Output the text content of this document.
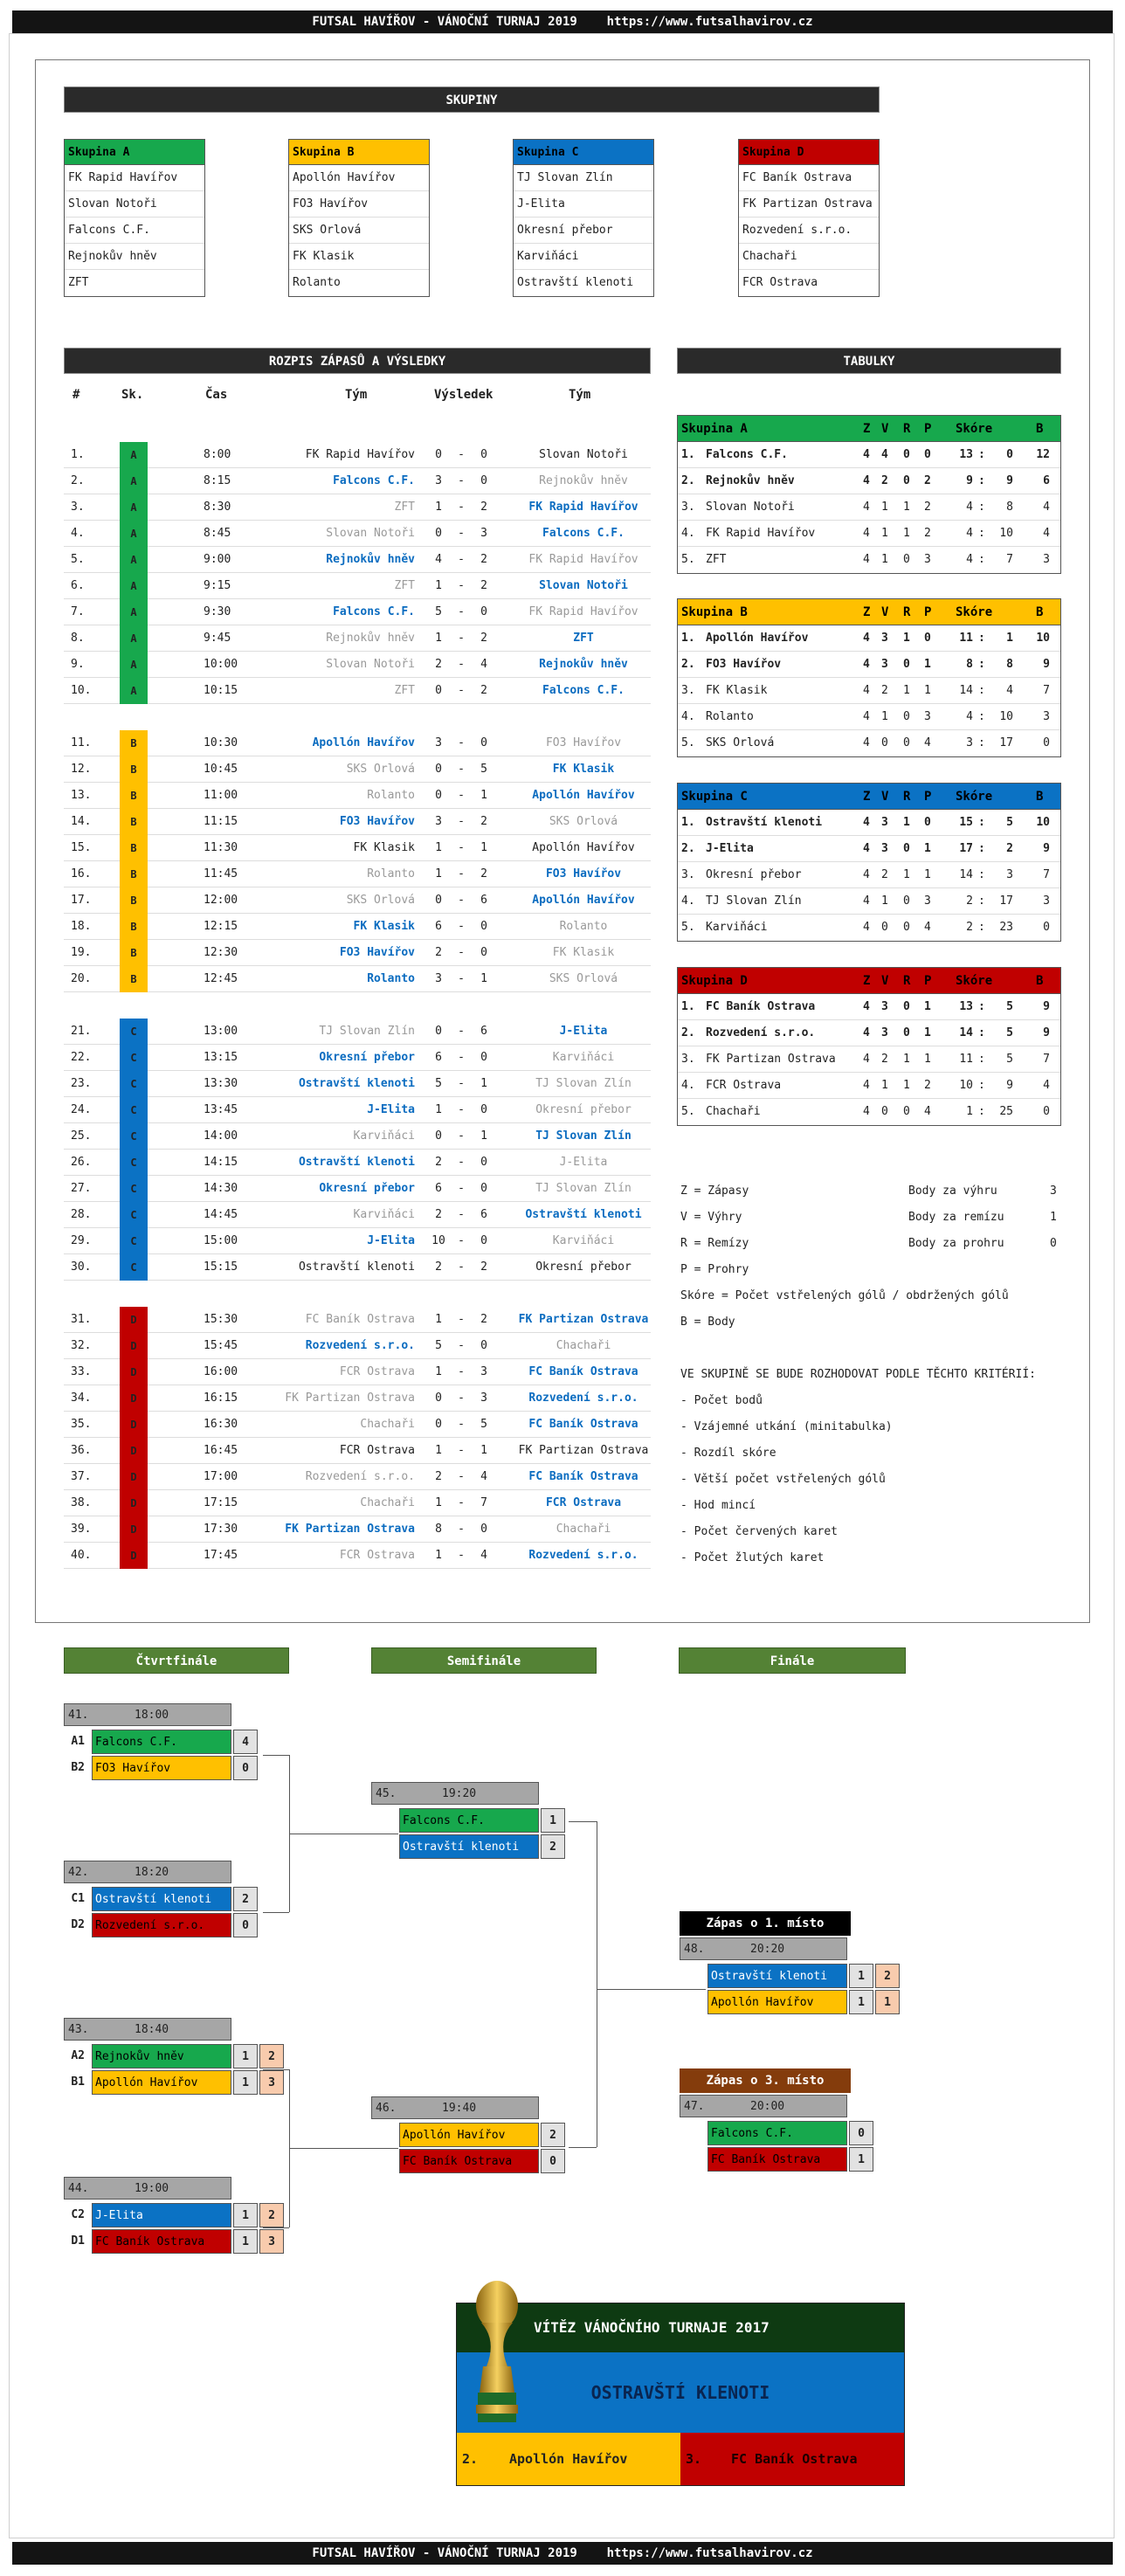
FUTSAL HAVÍŘOV - VÁNOČNÍ TURNAJ 2019    https://www.futsalhavirov.cz
SKUPINY
Skupina A
FK Rapid Havířov
Slovan Notoři
Falcons C.F.
Rejnokův hněv
ZFT
Skupina B
Apollón Havířov
FO3 Havířov
SKS Orlová
FK Klasik
Rolanto
Skupina C
TJ Slovan Zlín
J-Elita
Okresní přebor
Karviňáci
Ostravští klenoti
Skupina D
FC Baník Ostrava
FK Partizan Ostrava
Rozvedení s.r.o.
Chachaři
FCR Ostrava
ROZPIS ZÁPASŮ A VÝSLEDKY	TABULKY
#	Sk.	Čas	Tým	Výsledek	Tým
1.	A	8:00	FK Rapid Havířov	0	-	0	Slovan Notoři
2.	A	8:15	Falcons C.F.	3	-	0	Rejnokův hněv
3.	A	8:30	ZFT	1	-	2	FK Rapid Havířov
4.	A	8:45	Slovan Notoři	0	-	3	Falcons C.F.
5.	A	9:00	Rejnokův hněv	4	-	2	FK Rapid Havířov
6.	A	9:15	ZFT	1	-	2	Slovan Notoři
7.	A	9:30	Falcons C.F.	5	-	0	FK Rapid Havířov
8.	A	9:45	Rejnokův hněv	1	-	2	ZFT
9.	A	10:00	Slovan Notoři	2	-	4	Rejnokův hněv
10.	A	10:15	ZFT	0	-	2	Falcons C.F.
11.	B	10:30	Apollón Havířov	3	-	0	FO3 Havířov
12.	B	10:45	SKS Orlová	0	-	5	FK Klasik
13.	B	11:00	Rolanto	0	-	1	Apollón Havířov
14.	B	11:15	FO3 Havířov	3	-	2	SKS Orlová
15.	B	11:30	FK Klasik	1	-	1	Apollón Havířov
16.	B	11:45	Rolanto	1	-	2	FO3 Havířov
17.	B	12:00	SKS Orlová	0	-	6	Apollón Havířov
18.	B	12:15	FK Klasik	6	-	0	Rolanto
19.	B	12:30	FO3 Havířov	2	-	0	FK Klasik
20.	B	12:45	Rolanto	3	-	1	SKS Orlová
21.	C	13:00	TJ Slovan Zlín	0	-	6	J-Elita
22.	C	13:15	Okresní přebor	6	-	0	Karviňáci
23.	C	13:30	Ostravští klenoti	5	-	1	TJ Slovan Zlín
24.	C	13:45	J-Elita	1	-	0	Okresní přebor
25.	C	14:00	Karviňáci	0	-	1	TJ Slovan Zlín
26.	C	14:15	Ostravští klenoti	2	-	0	J-Elita
27.	C	14:30	Okresní přebor	6	-	0	TJ Slovan Zlín
28.	C	14:45	Karviňáci	2	-	6	Ostravští klenoti
29.	C	15:00	J-Elita 10	-	0	Karviňáci
30.	C	15:15	Ostravští klenoti	2	-	2	Okresní přebor
31.	D	15:30	FC Baník Ostrava	1	-	2	FK Partizan Ostrava
32.	D	15:45	Rozvedení s.r.o.	5	-	0	Chachaři
33.	D	16:00	FCR Ostrava	1	-	3	FC Baník Ostrava
34.	D	16:15	FK Partizan Ostrava	0	-	3	Rozvedení s.r.o.
35.	D	16:30	Chachaři	0	-	5	FC Baník Ostrava
36.	D	16:45	FCR Ostrava	1	-	1	FK Partizan Ostrava
37.	D	17:00	Rozvedení s.r.o.	2	-	4	FC Baník Ostrava
38.	D	17:15	Chachaři	1	-	7	FCR Ostrava
39.	D	17:30	FK Partizan Ostrava	8	-	0	Chachaři
40.	D	17:45	FCR Ostrava	1	-	4	Rozvedení s.r.o.
Skupina A	Z V R P	B
Skóre
1. Falcons C.F.	4 4 0 0	13 :	0	12
2. Rejnokův hněv	4 2 0 2	9 :	9	6
3. Slovan Notoři	4 1 1 2	4 :	8	4
4. FK Rapid Havířov	4 1 1 2	4 :	10	4
5. ZFT	4 1 0 3	4 :	7	3
Skupina B	Z V R P	B
Skóre
1. Apollón Havířov	4 3 1 0	11 :	1	10
2. FO3 Havířov	4 3 0 1	8 :	8	9
3. FK Klasik	4 2 1 1	14 :	4	7
4. Rolanto	4 1 0 3	4 :	10	3
5. SKS Orlová	4 0 0 4	3 :	17	0
Skupina C	Z V R P	B
Skóre
1. Ostravští klenoti	4 3 1 0	15 :	5	10
2. J-Elita	4 3 0 1	17 :	2	9
3. Okresní přebor	4 2 1 1	14 :	3	7
4. TJ Slovan Zlín	4 1 0 3	2 :	17	3
5. Karviňáci	4 0 0 4	2 :	23	0
Skupina D	Z V R P	B
Skóre
1. FC Baník Ostrava	4 3 0 1	13 :	5	9
2. Rozvedení s.r.o.	4 3 0 1	14 :	5	9
3. FK Partizan Ostrava 4 2 1 1	11 :	5	7
4. FCR Ostrava	4 1 1 2	10 :	9	4
5. Chachaři	4 0 0 4	1 :	25	0
Z = Zápasy
V = Výhry
R = Remízy
P = Prohry
Skóre = Počet vstřelených gólů / obdržených gólů
B = Body
Body za výhru	3
Body za remízu	1
Body za prohru	0
VE SKUPINĚ SE BUDE ROZHODOVAT PODLE TĚCHTO KRITÉRIÍ:
- Počet bodů
- Vzájemné utkání (minitabulka)
- Rozdíl skóre
- Větší počet vstřelených gólů
- Hod mincí
- Počet červených karet
- Počet žlutých karet
Čtvrtfinále	Semifinále	Finále
41.	18:00
A1 Falcons C.F.	4
B2 FO3 Havířov	0
42.	18:20
C1 Ostravští klenoti	2
D2 Rozvedení s.r.o.	0
43.	18:40
A2 Rejnokův hněv	1	2
B1 Apollón Havířov	1	3
44.	19:00
C2 J-Elita	1	2
D1 FC Baník Ostrava	1	3
45.	19:20
Falcons C.F.	1
Ostravští klenoti	2
46.	19:40
Apollón Havířov	2
FC Baník Ostrava	0
Zápas o 1. místo
48.	20:20
Ostravští klenoti	1	2
Apollón Havířov	1	1
Zápas o 3. místo
47.	20:00
Falcons C.F.	0
FC Baník Ostrava	1
VÍTĚZ VÁNOČNÍHO TURNAJE 2017
OSTRAVŠTÍ KLENOTI
2. Apollón Havířov	3. FC Baník Ostrava
FUTSAL HAVÍŘOV - VÁNOČNÍ TURNAJ 2019    https://www.futsalhavirov.cz
